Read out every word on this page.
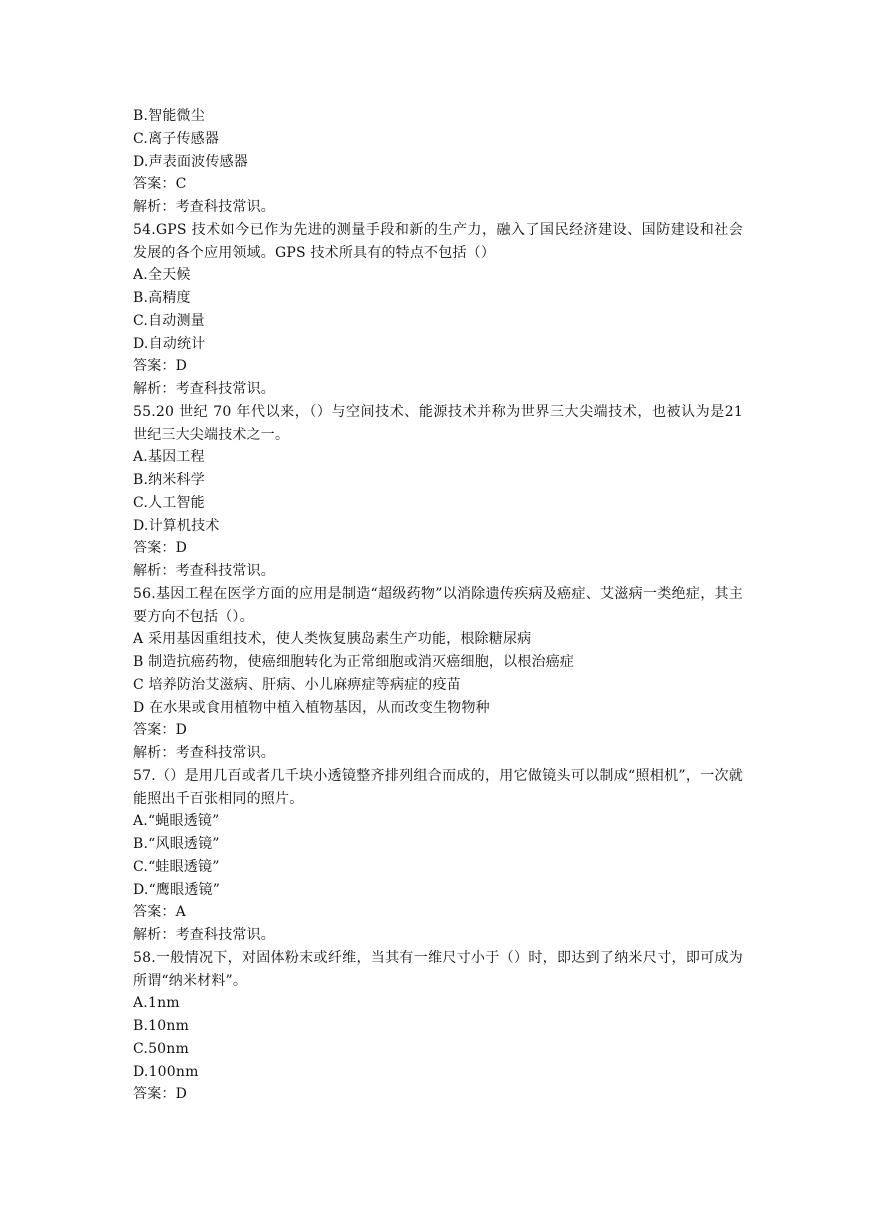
B.智能微尘
C.离子传感器
D.声表面波传感器
答案：C
解析：考查科技常识。
54.GPS 技术如今已作为先进的测量手段和新的生产力，融入了国民经济建设、国防建设和社会发展的各个应用领域。GPS 技术所具有的特点不包括（）
A.全天候
B.高精度
C.自动测量
D.自动统计
答案：D
解析：考查科技常识。
55.20 世纪 70 年代以来，（）与空间技术、能源技术并称为世界三大尖端技术，也被认为是21 世纪三大尖端技术之一。
A.基因工程
B.纳米科学
C.人工智能
D.计算机技术
答案：D
解析：考查科技常识。
56.基因工程在医学方面的应用是制造“超级药物”以消除遗传疾病及癌症、艾滋病一类绝症，其主要方向不包括（）。
A 采用基因重组技术，使人类恢复胰岛素生产功能，根除糖尿病
B 制造抗癌药物，使癌细胞转化为正常细胞或消灭癌细胞，以根治癌症
C 培养防治艾滋病、肝病、小儿麻痹症等病症的疫苗
D 在水果或食用植物中植入植物基因，从而改变生物物种
答案：D
解析：考查科技常识。
57.（）是用几百或者几千块小透镜整齐排列组合而成的，用它做镜头可以制成“照相机”，一次就能照出千百张相同的照片。
A.“蝇眼透镜”
B.“风眼透镜”
C.“蛙眼透镜”
D.“鹰眼透镜”
答案：A
解析：考查科技常识。
58.一般情况下，对固体粉末或纤维，当其有一维尺寸小于（）时，即达到了纳米尺寸，即可成为所谓“纳米材料”。
A.1nm
B.10nm
C.50nm
D.100nm
答案：D
